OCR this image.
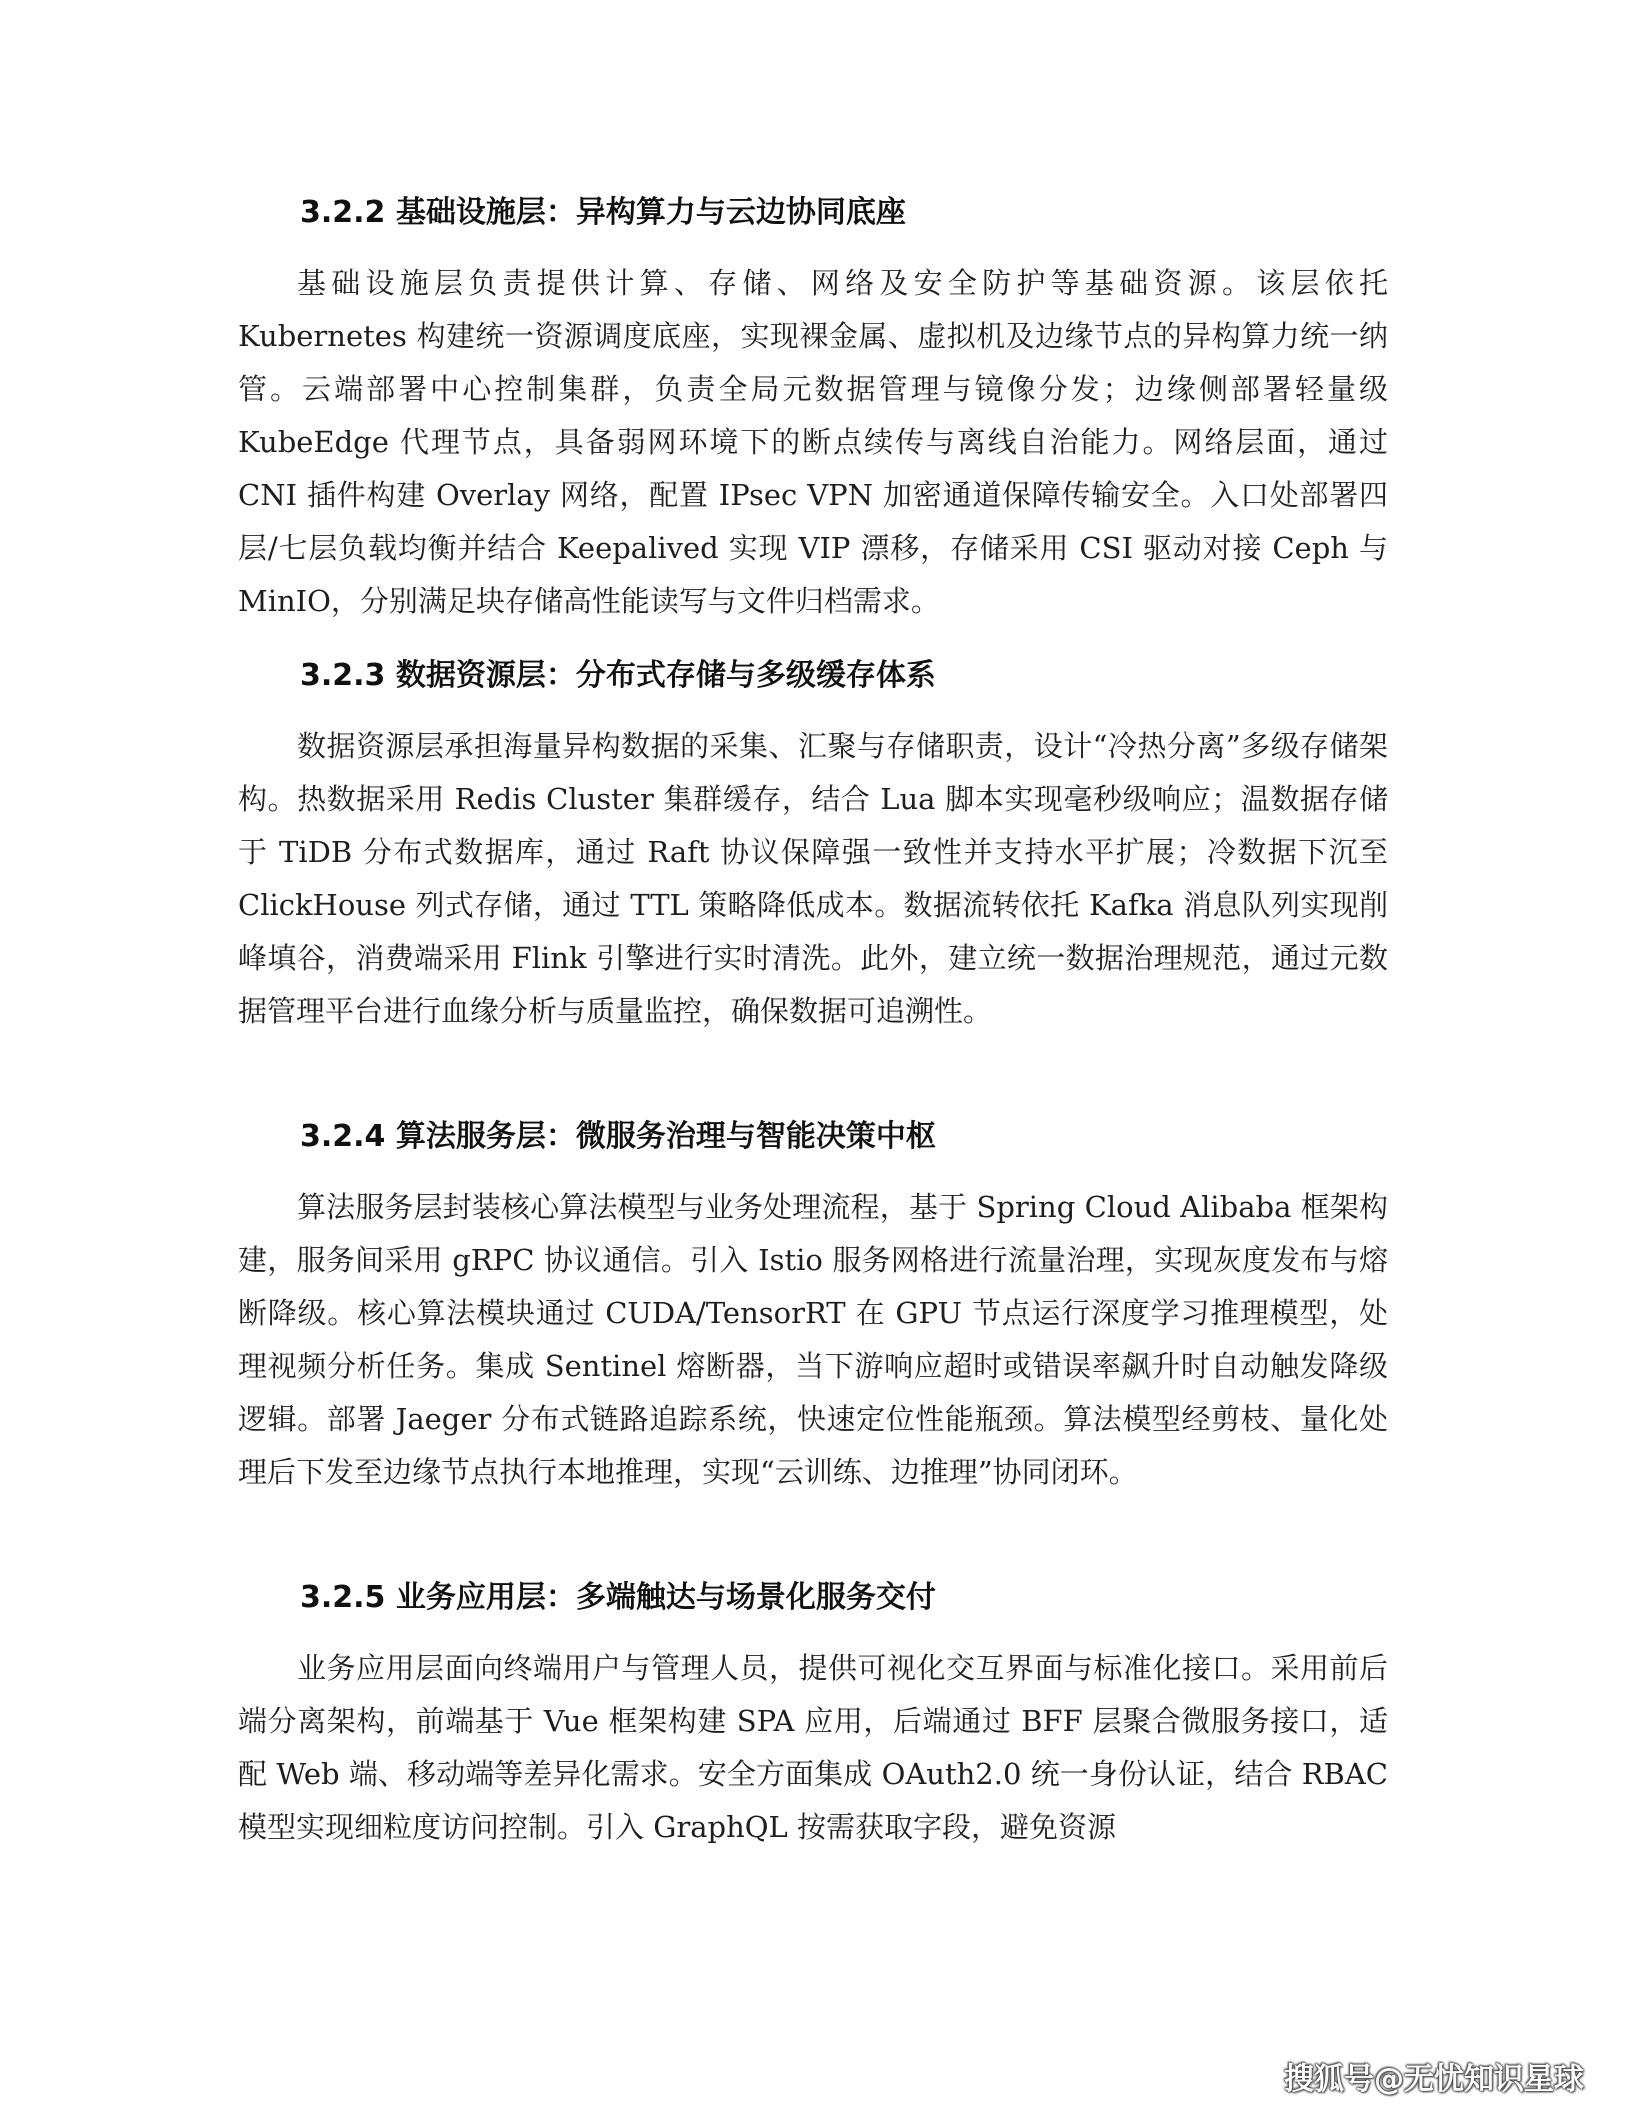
3.2.2 基础设施层：异构算力与云边协同底座

基础设施层负责提供计算、存储、网络及安全防护等基础资源。该层依托 Kubernetes 构建统一资源调度底座，实现裸金属、虚拟机及边缘节点的异构算力统一纳管。云端部署中心控制集群，负责全局元数据管理与镜像分发；边缘侧部署轻量级 KubeEdge 代理节点，具备弱网环境下的断点续传与离线自治能力。网络层面，通过 CNI 插件构建 Overlay 网络，配置 IPsec VPN 加密通道保障传输安全。入口处部署四层/七层负载均衡并结合 Keepalived 实现 VIP 漂移，存储采用 CSI 驱动对接 Ceph 与 MinIO，分别满足块存储高性能读写与文件归档需求。

3.2.3 数据资源层：分布式存储与多级缓存体系

数据资源层承担海量异构数据的采集、汇聚与存储职责，设计“冷热分离”多级存储架构。热数据采用 Redis Cluster 集群缓存，结合 Lua 脚本实现毫秒级响应；温数据存储于 TiDB 分布式数据库，通过 Raft 协议保障强一致性并支持水平扩展；冷数据下沉至 ClickHouse 列式存储，通过 TTL 策略降低成本。数据流转依托 Kafka 消息队列实现削峰填谷，消费端采用 Flink 引擎进行实时清洗。此外，建立统一数据治理规范，通过元数据管理平台进行血缘分析与质量监控，确保数据可追溯性。

3.2.4 算法服务层：微服务治理与智能决策中枢

算法服务层封装核心算法模型与业务处理流程，基于 Spring Cloud Alibaba 框架构建，服务间采用 gRPC 协议通信。引入 Istio 服务网格进行流量治理，实现灰度发布与熔断降级。核心算法模块通过 CUDA/TensorRT 在 GPU 节点运行深度学习推理模型，处理视频分析任务。集成 Sentinel 熔断器，当下游响应超时或错误率飙升时自动触发降级逻辑。部署 Jaeger 分布式链路追踪系统，快速定位性能瓶颈。算法模型经剪枝、量化处理后下发至边缘节点执行本地推理，实现“云训练、边推理”协同闭环。

3.2.5 业务应用层：多端触达与场景化服务交付

业务应用层面向终端用户与管理人员，提供可视化交互界面与标准化接口。采用前后端分离架构，前端基于 Vue 框架构建 SPA 应用，后端通过 BFF 层聚合微服务接口，适配 Web 端、移动端等差异化需求。安全方面集成 OAuth2.0 统一身份认证，结合 RBAC 模型实现细粒度访问控制。引入 GraphQL 按需获取字段，避免资源

搜狐号@无忧知识星球
